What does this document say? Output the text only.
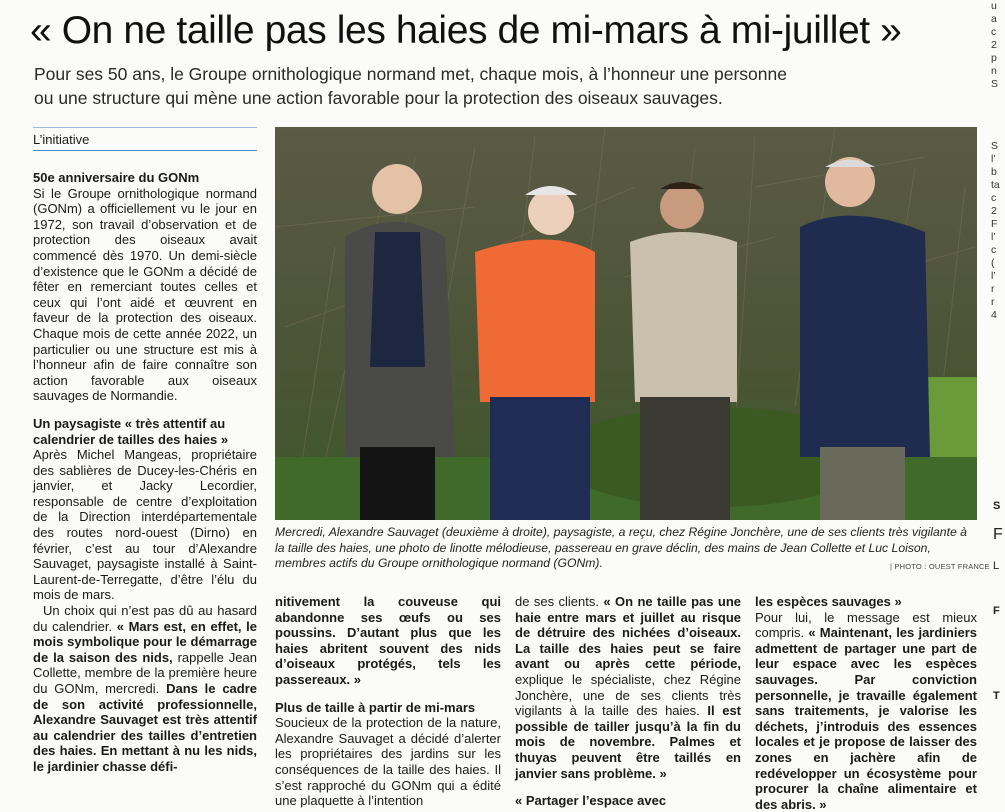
« On ne taille pas les haies de mi-mars à mi-juillet »
Pour ses 50 ans, le Groupe ornithologique normand met, chaque mois, à l’honneur une personne
ou une structure qui mène une action favorable pour la protection des oiseaux sauvages.
u
a
c
2
p
n
S
S
l’
b
ta
c
2
F
l’
c
(
l’
r
r
4
S
F
L
F
T
L’initiative

50e anniversaire du GONm

Si le Groupe ornithologique normand (GONm) a officiellement vu le jour en 1972, son travail d’observation et de protection des oiseaux avait commencé dès 1970. Un demi-siècle d’existence que le GONm a décidé de fêter en remerciant toutes celles et ceux qui l’ont aidé et œuvrent en faveur de la protection des oiseaux. Chaque mois de cette année 2022, un particulier ou une structure est mis à l’honneur afin de faire connaître son action favorable aux oiseaux sauvages de Normandie.

Un paysagiste « très attentif au calendrier de tailles des haies »

Après Michel Mangeas, propriétaire des sablières de Ducey-les-Chéris en janvier, et Jacky Lecordier, responsable de centre d’exploitation de la Direction interdépartementale des routes nord-ouest (Dirno) en février, c’est au tour d’Alexandre Sauvaget, paysagiste installé à Saint-Laurent-de-Terregatte, d’être l’élu du mois de mars.

Un choix qui n’est pas dû au hasard du calendrier. « Mars est, en effet, le mois symbolique pour le démarrage de la saison des nids, rappelle Jean Collette, membre de la première heure du GONm, mercredi. Dans le cadre de son activité professionnelle, Alexandre Sauvaget est très attentif au calendrier des tailles d’entretien des haies. En mettant à nu les nids, le jardinier chasse défi-

Mercredi, Alexandre Sauvaget (deuxième à droite), paysagiste, a reçu, chez Régine Jonchère, une de ses clients très vigilante à la taille des haies, une photo de linotte mélodieuse, passereau en grave déclin, des mains de Jean Collette et Luc Loison, membres actifs du Groupe ornithologique normand (GONm).	| PHOTO : OUEST FRANCE

nitivement la couveuse qui abandonne ses œufs ou ses poussins. D’autant plus que les haies abritent souvent des nids d’oiseaux protégés, tels les passereaux. »

Plus de taille à partir de mi-mars

Soucieux de la protection de la nature, Alexandre Sauvaget a décidé d’alerter les propriétaires des jardins sur les conséquences de la taille des haies. Il s’est rapproché du GONm qui a édité une plaquette à l’intention

de ses clients. « On ne taille pas une haie entre mars et juillet au risque de détruire des nichées d’oiseaux. La taille des haies peut se faire avant ou après cette période, explique le spécialiste, chez Régine Jonchère, une de ses clients très vigilants à la taille des haies. Il est possible de tailler jusqu’à la fin du mois de novembre. Palmes et thuyas peuvent être taillés en janvier sans problème. »

« Partager l’espace avec

les espèces sauvages »

Pour lui, le message est mieux compris. « Maintenant, les jardiniers admettent de partager une part de leur espace avec les espèces sauvages. Par conviction personnelle, je travaille également sans traitements, je valorise les déchets, j’introduis des essences locales et je propose de laisser des zones en jachère afin de redévelopper un écosystème pour procurer la chaîne alimentaire et des abris. »
